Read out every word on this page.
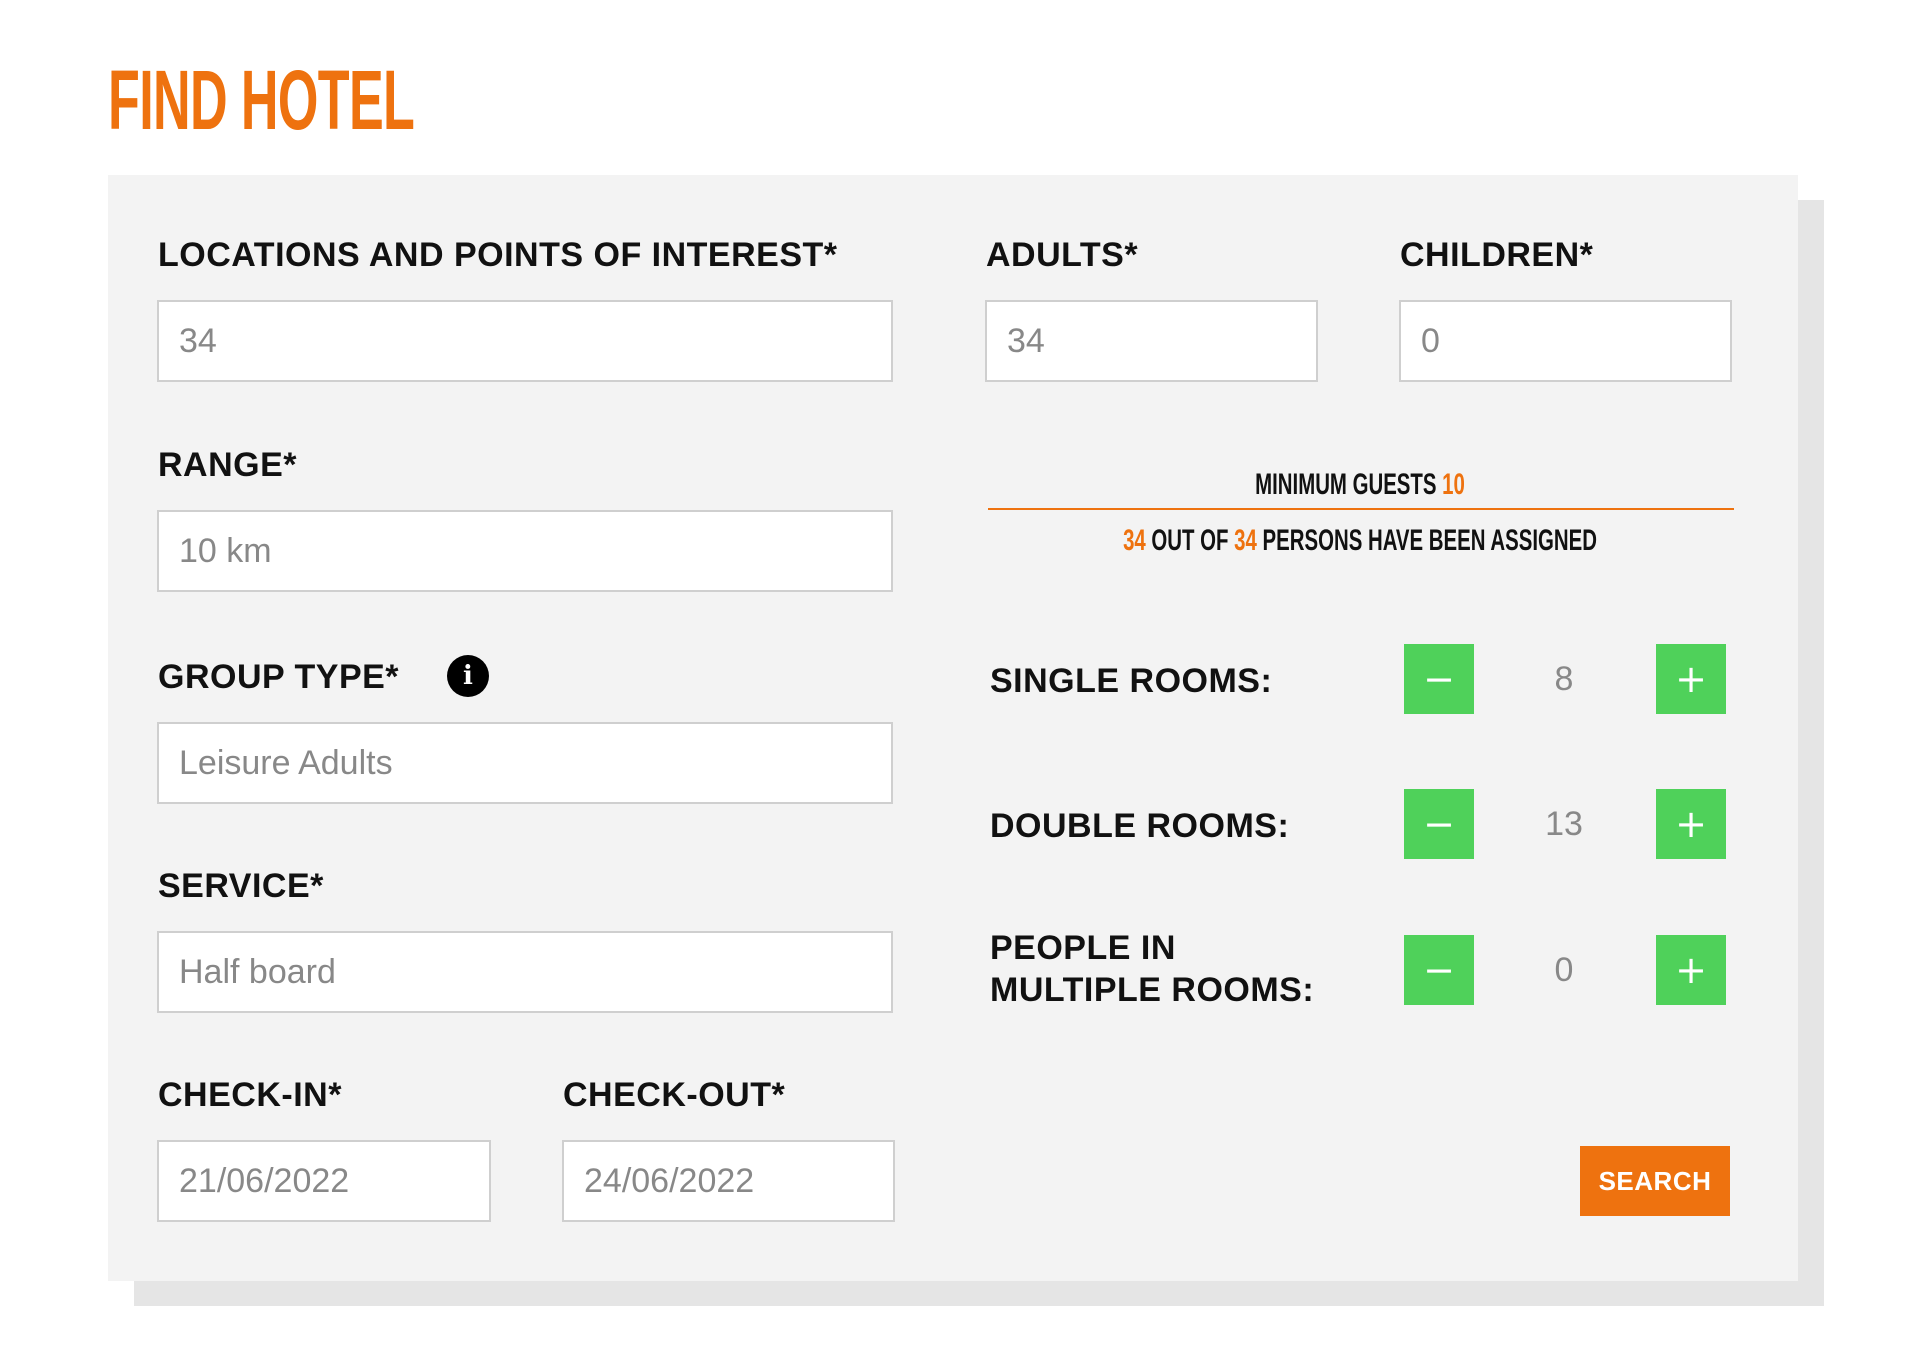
FIND HOTEL
LOCATIONS AND POINTS OF INTEREST*
34
RANGE*
10 km
GROUP TYPE*	i
Leisure Adults
SERVICE*
Half board
CHECK-IN*
21/06/2022
CHECK-OUT*
24/06/2022
ADULTS*
34
CHILDREN*
0
MINIMUM GUESTS 10
34 OUT OF 34 PERSONS HAVE BEEN ASSIGNED
SINGLE ROOMS:	−	8	+
DOUBLE ROOMS:	−	13	+
PEOPLE IN
MULTIPLE ROOMS:	−	0	+
SEARCH
